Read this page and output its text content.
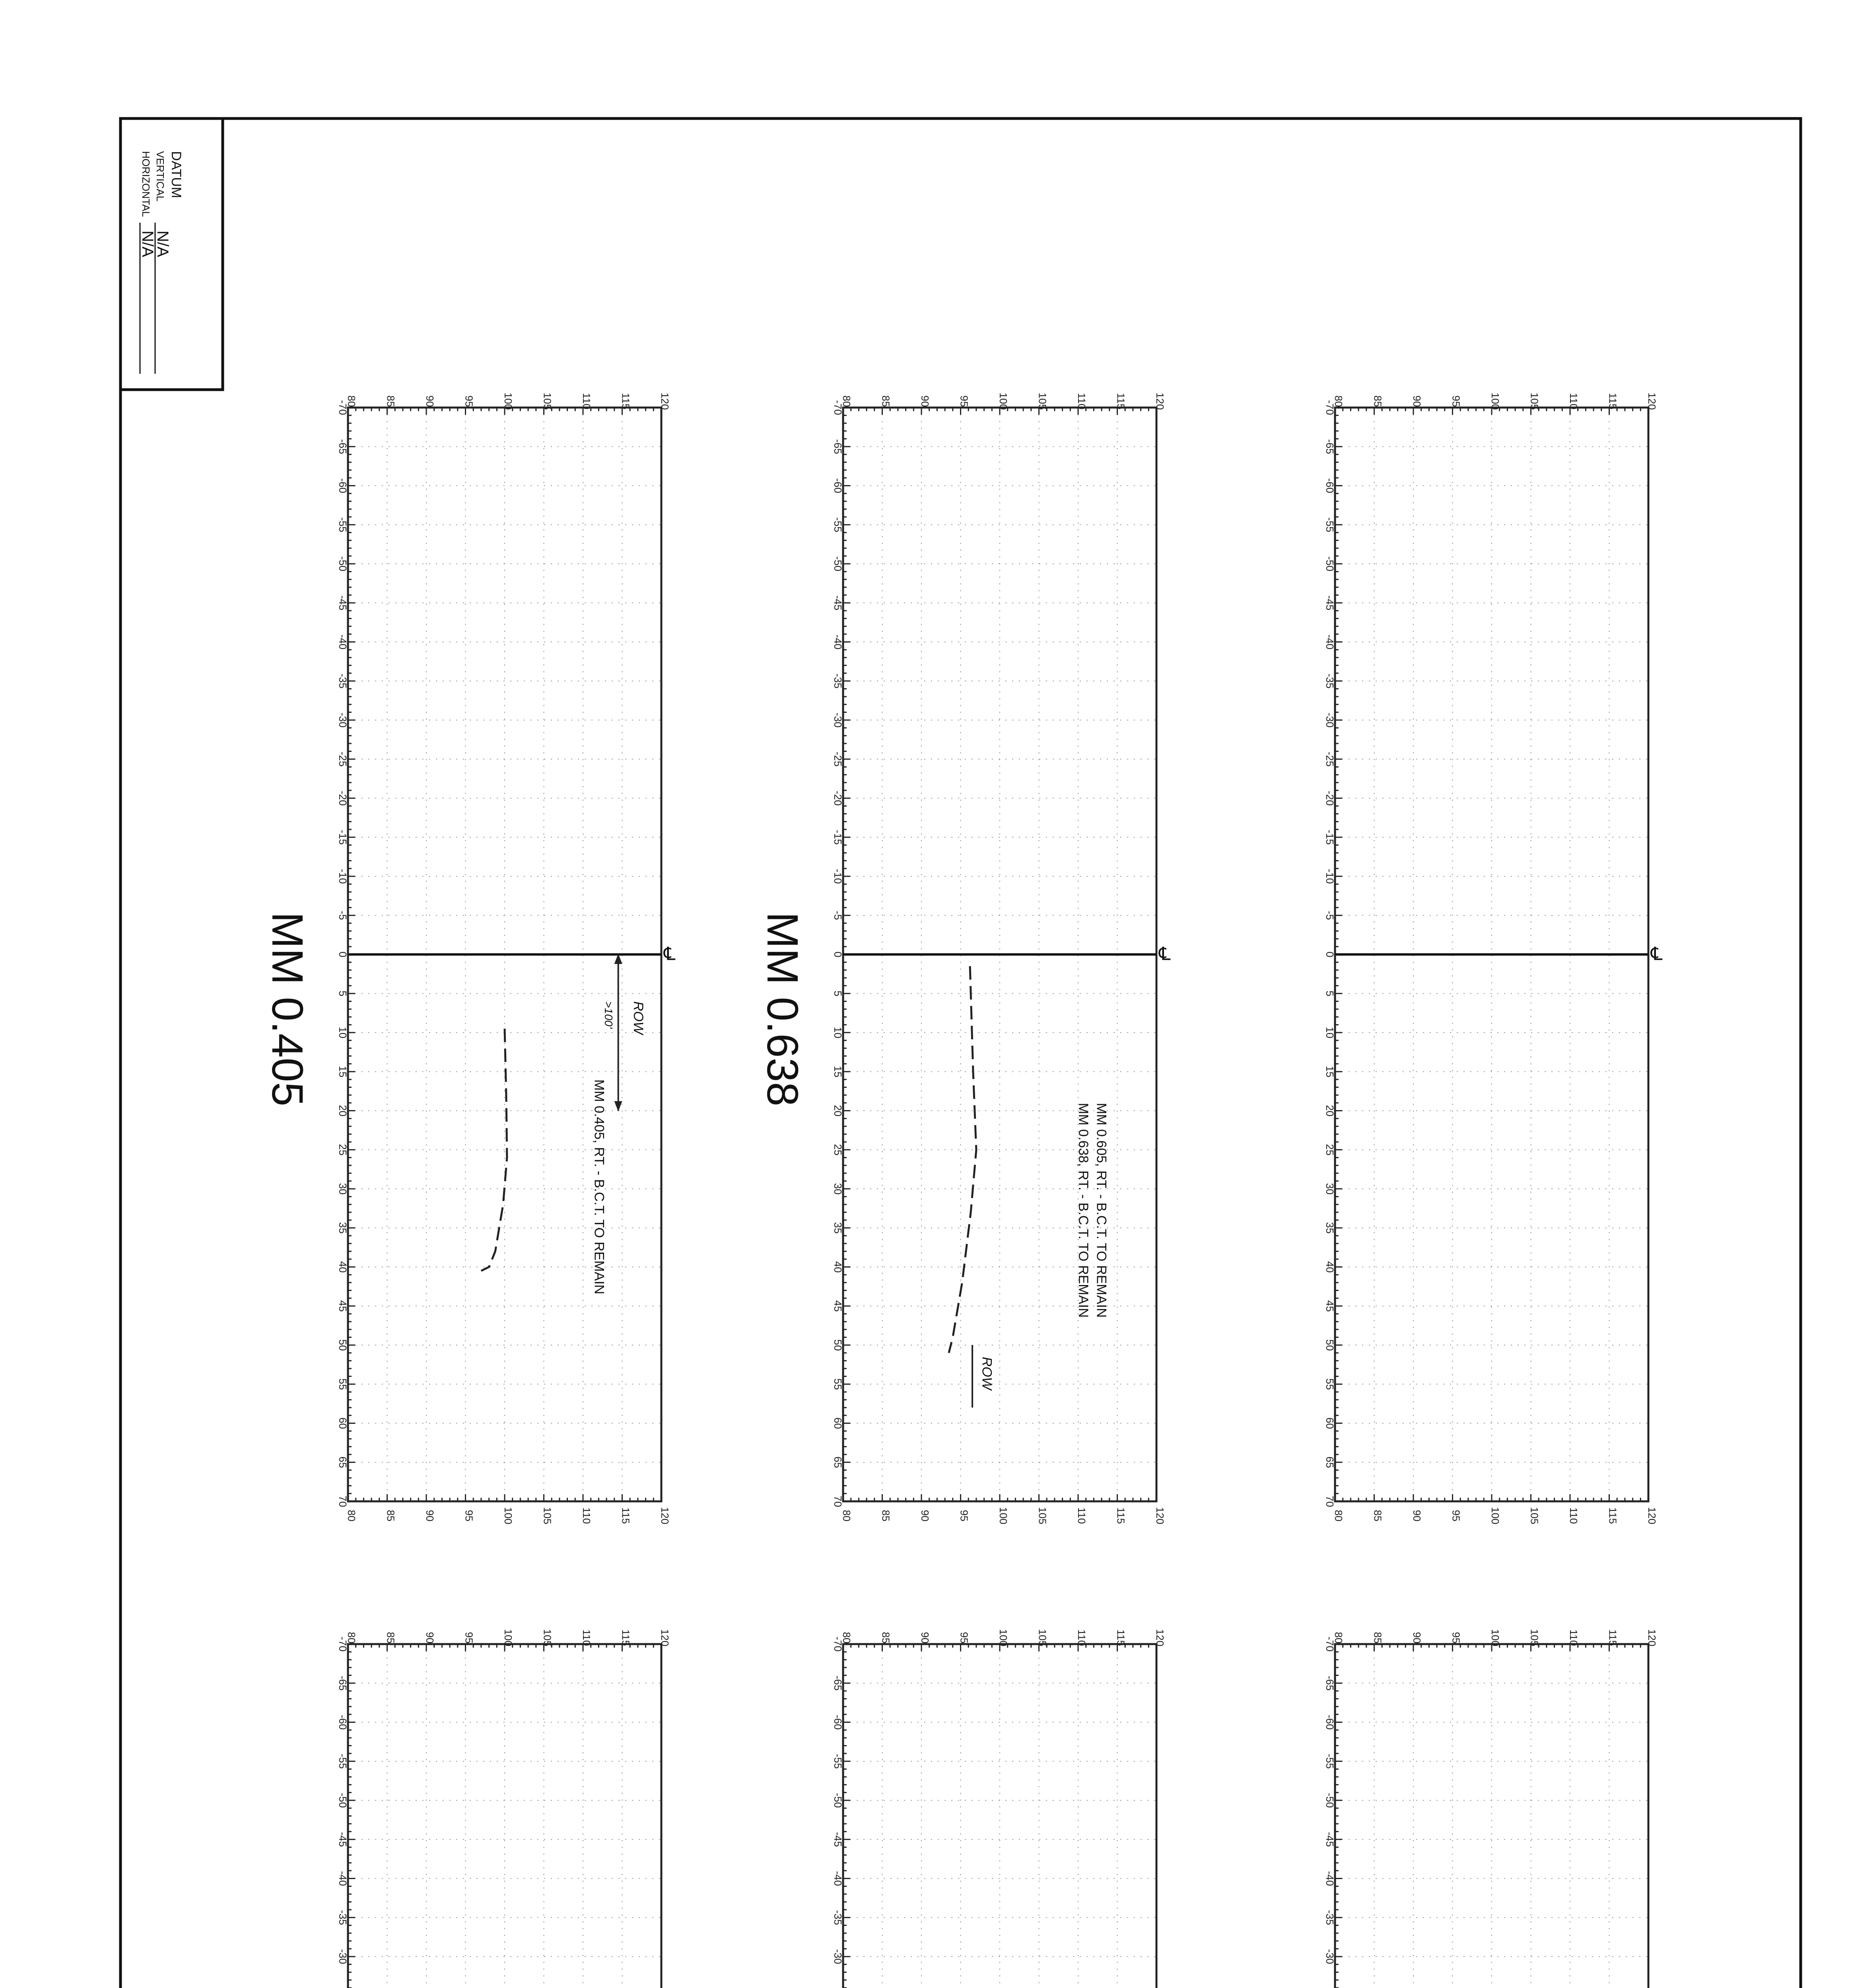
DATUM
VERTICAL
N/A
HORIZONTAL
N/A
80
80
85
85
90
90
95
95
100
100
105
105
110
110
115
115
120
120
-70
-65
-60
-55
-50
-45
-40
-35
-30
-25
-20
-15
-10
-5
0
5
10
15
20
25
30
35
40
45
50
55
60
65
70
℄
MM 0.405
MM 0.405, RT. - B.C.T. TO REMAIN
ROW
>100'
80
80
85
85
90
90
95
95
100
100
105
105
110
110
115
115
120
120
-70
-65
-60
-55
-50
-45
-40
-35
-30
-25
-20
-15
-10
-5
0
5
10
15
20
25
30
35
40
45
50
55
60
65
70
℄
MM 0.638
MM 0.605, RT. - B.C.T. TO REMAIN
MM 0.638, RT. - B.C.T. TO REMAIN
ROW
80
80
85
85
90
90
95
95
100
100
105
105
110
110
115
115
120
120
-70
-65
-60
-55
-50
-45
-40
-35
-30
-25
-20
-15
-10
-5
0
5
10
15
20
25
30
35
40
45
50
55
60
65
70
℄
80	85	90	95	100	105	110	115	120
-70
-65
-60
-55
-50
-45
-40
-35
-30
80	85	90	95	100	105	110	115	120
-70
-65
-60
-55
-50
-45
-40
-35
-30
80	85	90	95	100	105	110	115	120
-70
-65
-60
-55
-50
-45
-40
-35
-30
